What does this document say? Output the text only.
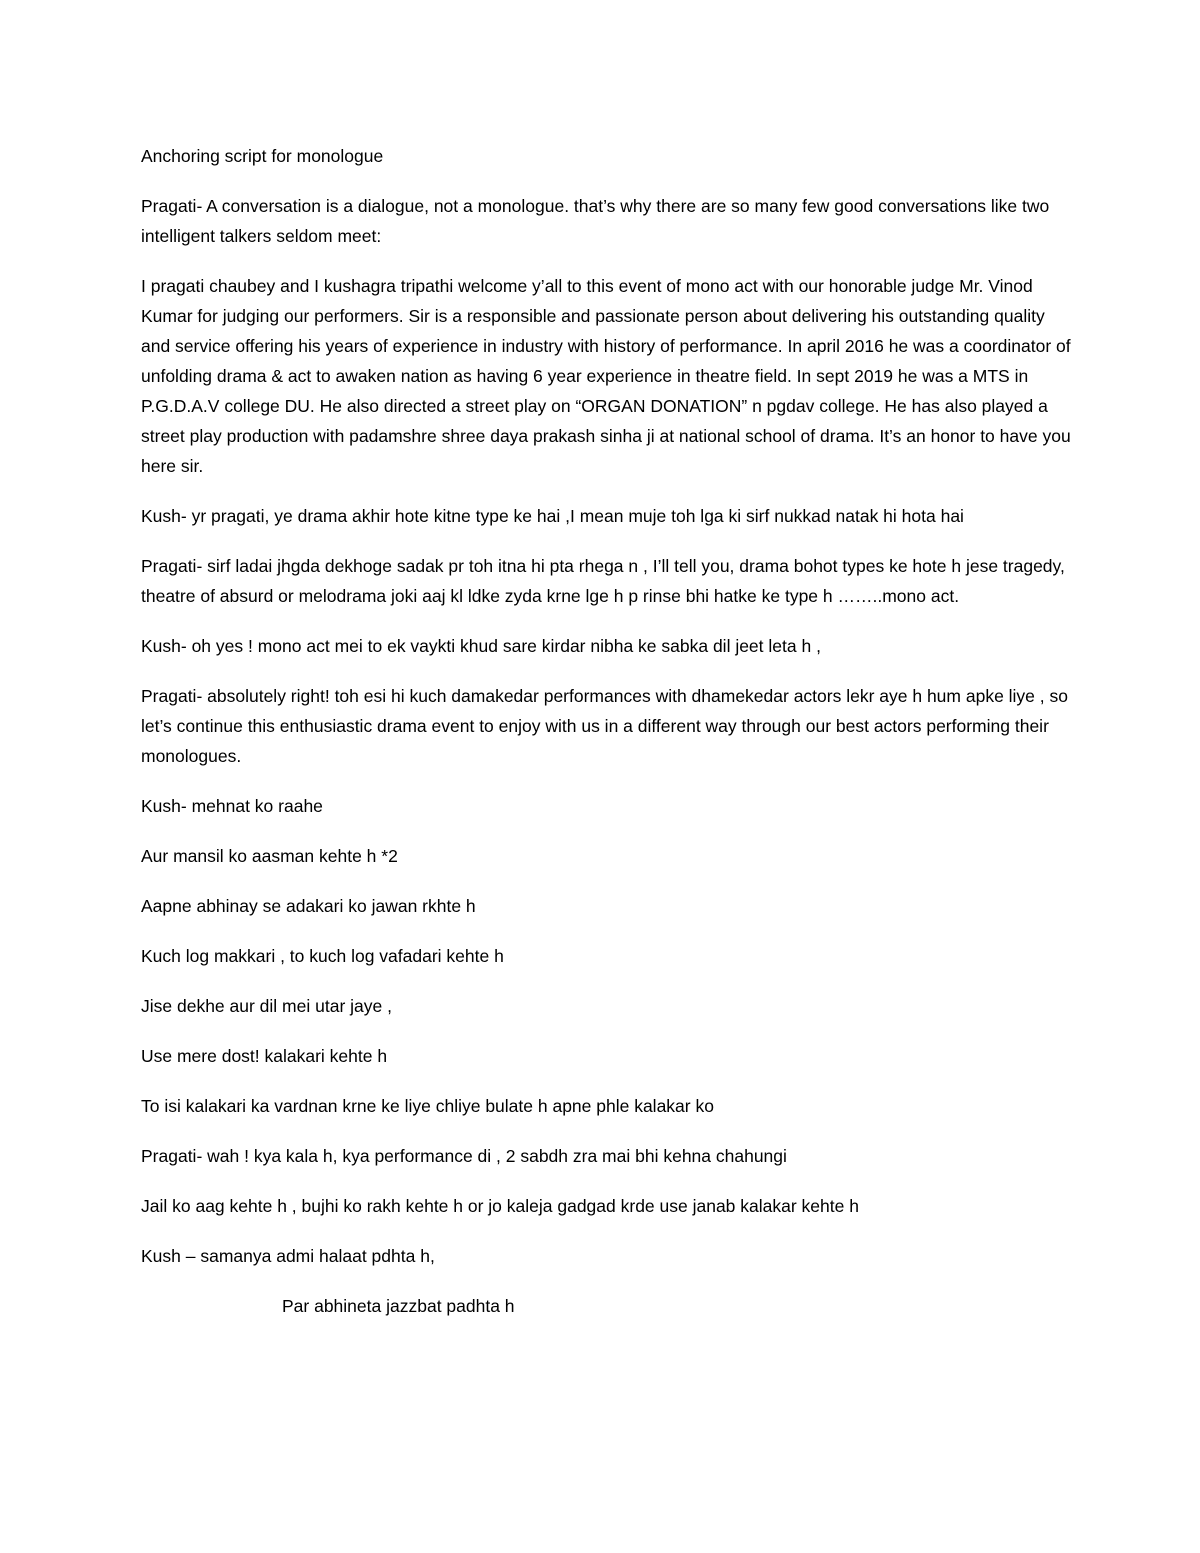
Anchoring script for monologue

Pragati- A conversation is a dialogue, not a monologue. that’s why there are so many few good conversations like two intelligent talkers seldom meet:

I pragati chaubey and I kushagra tripathi welcome y’all to this event of mono act with our honorable judge Mr. Vinod Kumar for judging our performers. Sir is a responsible and passionate person about delivering his outstanding quality and service offering his years of experience in industry with history of performance. In april 2016 he was a coordinator of unfolding drama & act to awaken nation as having 6 year experience in theatre field. In sept 2019 he was a MTS in P.G.D.A.V college DU. He also directed a street play on “ORGAN DONATION” n pgdav college. He has also played a street play production with padamshre shree daya prakash sinha ji at national school of drama. It’s an honor to have you here sir.

Kush- yr pragati, ye drama akhir hote kitne type ke hai ,I mean muje toh lga ki sirf nukkad natak hi hota hai

Pragati- sirf ladai jhgda dekhoge sadak pr toh itna hi pta rhega n , I’ll tell you, drama bohot types ke hote h jese tragedy, theatre of absurd or melodrama joki aaj kl ldke zyda krne lge h p rinse bhi hatke ke type h ……..mono act.

Kush- oh yes ! mono act mei to ek vaykti khud sare kirdar nibha ke sabka dil jeet leta h ,

Pragati- absolutely right! toh esi hi kuch damakedar performances with dhamekedar actors lekr aye h hum apke liye , so let’s continue this enthusiastic drama event to enjoy with us in a different way through our best actors performing their monologues.

Kush- mehnat ko raahe

Aur mansil ko aasman kehte h *2

Aapne abhinay se adakari ko jawan rkhte h

Kuch log makkari , to kuch log vafadari kehte h

Jise dekhe aur dil mei utar jaye ,

Use mere dost! kalakari kehte h

To isi kalakari ka vardnan krne ke liye chliye bulate h apne phle kalakar ko

Pragati- wah ! kya kala h, kya performance di , 2 sabdh zra mai bhi kehna chahungi

Jail ko aag kehte h , bujhi ko rakh kehte h or jo kaleja gadgad krde use janab kalakar kehte h

Kush – samanya admi halaat pdhta h,

Par abhineta jazzbat padhta h
